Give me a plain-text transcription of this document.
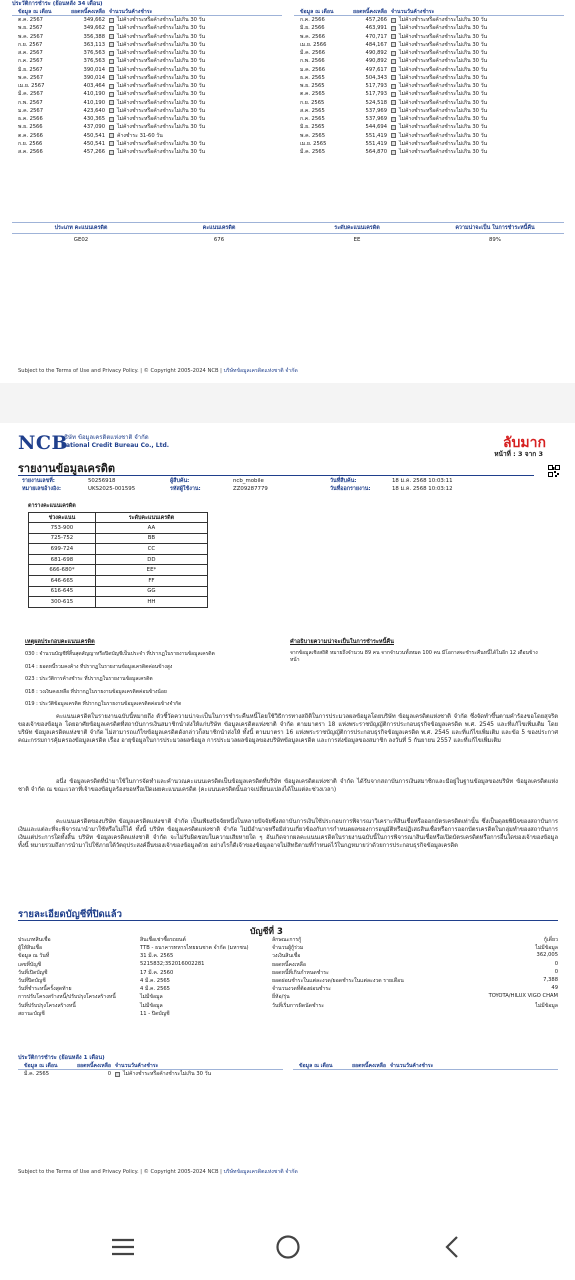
ประวัติการชำระ (ย้อนหลัง 34 เดือน)
ข้อมูล ณ เดือน	ยอดหนี้คงเหลือ จำนวนวันค้างชำระ
ต.ค. 2567	349,662	ไม่ค้างชำระหรือค้างชำระไม่เกิน 30 วัน
พ.ย. 2567	349,662	ไม่ค้างชำระหรือค้างชำระไม่เกิน 30 วัน
พ.ค. 2567	356,388	ไม่ค้างชำระหรือค้างชำระไม่เกิน 30 วัน
ก.ย. 2567	363,113	ไม่ค้างชำระหรือค้างชำระไม่เกิน 30 วัน
ส.ค. 2567	376,563	ไม่ค้างชำระหรือค้างชำระไม่เกิน 30 วัน
ก.ค. 2567	376,563	ไม่ค้างชำระหรือค้างชำระไม่เกิน 30 วัน
มิ.ย. 2567	390,014	ไม่ค้างชำระหรือค้างชำระไม่เกิน 30 วัน
พ.ค. 2567	390,014	ไม่ค้างชำระหรือค้างชำระไม่เกิน 30 วัน
เม.ย. 2567	403,464	ไม่ค้างชำระหรือค้างชำระไม่เกิน 30 วัน
มี.ค. 2567	410,190	ไม่ค้างชำระหรือค้างชำระไม่เกิน 30 วัน
ก.พ. 2567	410,190	ไม่ค้างชำระหรือค้างชำระไม่เกิน 30 วัน
ม.ค. 2567	423,640	ไม่ค้างชำระหรือค้างชำระไม่เกิน 30 วัน
ธ.ค. 2566	430,365	ไม่ค้างชำระหรือค้างชำระไม่เกิน 30 วัน
พ.ย. 2566	437,090	ไม่ค้างชำระหรือค้างชำระไม่เกิน 30 วัน
ต.ค. 2566	450,541	ค้างชำระ 31-60 วัน
ก.ย. 2566	450,541	ไม่ค้างชำระหรือค้างชำระไม่เกิน 30 วัน
ส.ค. 2566	457,266	ไม่ค้างชำระหรือค้างชำระไม่เกิน 30 วัน
ข้อมูล ณ เดือน	ยอดหนี้คงเหลือ จำนวนวันค้างชำระ
ก.ค. 2566	457,266	ไม่ค้างชำระหรือค้างชำระไม่เกิน 30 วัน
มิ.ย. 2566	463,991	ไม่ค้างชำระหรือค้างชำระไม่เกิน 30 วัน
พ.ค. 2566	470,717	ไม่ค้างชำระหรือค้างชำระไม่เกิน 30 วัน
เม.ย. 2566	484,167	ไม่ค้างชำระหรือค้างชำระไม่เกิน 30 วัน
มี.ค. 2566	490,892	ไม่ค้างชำระหรือค้างชำระไม่เกิน 30 วัน
ก.พ. 2566	490,892	ไม่ค้างชำระหรือค้างชำระไม่เกิน 30 วัน
ม.ค. 2566	497,617	ไม่ค้างชำระหรือค้างชำระไม่เกิน 30 วัน
ธ.ค. 2565	504,343	ไม่ค้างชำระหรือค้างชำระไม่เกิน 30 วัน
พ.ย. 2565	517,793	ไม่ค้างชำระหรือค้างชำระไม่เกิน 30 วัน
ต.ค. 2565	517,793	ไม่ค้างชำระหรือค้างชำระไม่เกิน 30 วัน
ก.ย. 2565	524,518	ไม่ค้างชำระหรือค้างชำระไม่เกิน 30 วัน
ส.ค. 2565	537,969	ไม่ค้างชำระหรือค้างชำระไม่เกิน 30 วัน
ก.ค. 2565	537,969	ไม่ค้างชำระหรือค้างชำระไม่เกิน 30 วัน
มิ.ย. 2565	544,694	ไม่ค้างชำระหรือค้างชำระไม่เกิน 30 วัน
พ.ค. 2565	551,419	ไม่ค้างชำระหรือค้างชำระไม่เกิน 30 วัน
เม.ย. 2565	551,419	ไม่ค้างชำระหรือค้างชำระไม่เกิน 30 วัน
มี.ค. 2565	564,870	ไม่ค้างชำระหรือค้างชำระไม่เกิน 30 วัน
ประเภท คะแนนเครดิต	คะแนนเครดิต	ระดับคะแนนเครดิต	ความน่าจะเป็น ในการชำระหนี้คืน
GE02	676	EE	89%
Subject to the Terms of Use and Privacy Policy. | © Copyright 2005-2024 NCB | บริษัทข้อมูลเครดิตแห่งชาติ จำกัด
NCB
บริษัท ข้อมูลเครดิตแห่งชาติ จำกัด
National Credit Bureau Co., Ltd.	ลับมาก
หน้าที่ : 3 จาก 3
รายงานข้อมูลเครดิต
รายงานเลขที่:	50256918	ผู้สืบค้น:	ncb_mobile	วันที่สืบค้น:	18 ม.ค. 2568 10:03:11
หมายเลขอ้างอิง:	UKS2025-001595	รหัสผู้ใช้งาน:	ZZ09287779	วันที่ออกรายงาน:	18 ม.ค. 2568 10:03:12
ตารางคะแนนเครดิต
ช่วงคะแนน	ระดับคะแนนเครดิต
753-900	AA
725-752	BB
699-724	CC
681-698	DD
666-680*	EE*
646-665	FF
616-645	GG
300-615	HH
เหตุผลประกอบคะแนนเครดิต
030 : จำนวนบัญชีที่สิ้นสุดสัญญาหรือปิดบัญชีเป็นประจำ ที่ปรากฏในรายงานข้อมูลเครดิต
014 : ยอดหนี้รวมคงค้าง ที่ปรากฏในรายงานข้อมูลเครดิตค่อนข้างสูง
023 : ประวัติการค้างชำระ ที่ปรากฏในรายงานข้อมูลเครดิต
018 : วงเงินคงเหลือ ที่ปรากฏในรายงานข้อมูลเครดิตค่อนข้างน้อย
019 : ประวัติข้อมูลเครดิต ที่ปรากฏในรายงานข้อมูลเครดิตค่อนข้างจำกัด
คำอธิบายความน่าจะเป็นในการชำระหนี้คืน
จากข้อมูลเชิงสถิติ หมายถึงจำนวน 89 คน จากจำนวนทั้งหมด 100 คน มีโอกาสจะชำระคืนหนี้ได้ในอีก 12 เดือนข้างหน้า
คะแนนเครดิตในรายงานฉบับนี้หมายถึง ตัวชี้วัดความน่าจะเป็นในการชำระคืนหนี้โดยใช้วิธีการทางสถิติในการประมวลผลข้อมูลโดยบริษัท ข้อมูลเครดิตแห่งชาติ จำกัด ซึ่งจัดทำขึ้นตามคำร้องขอโดยสุจริตของเจ้าของข้อมูล โดยอาศัยข้อมูลเครดิตที่สถาบันการเงินสมาชิกนำส่งให้แก่บริษัท ข้อมูลเครดิตแห่งชาติ จำกัด ตามมาตรา 18 แห่งพระราชบัญญัติการประกอบธุรกิจข้อมูลเครดิต พ.ศ. 2545 และที่แก้ไขเพิ่มเติม โดยบริษัท ข้อมูลเครดิตแห่งชาติ จำกัด ไม่สามารถแก้ไขข้อมูลเครดิตดังกล่าวก็สมาชิกนำส่งให้ ทั้งนี้ ตามมาตรา 16 แห่งพระราชบัญญัติการประกอบธุรกิจข้อมูลเครดิต พ.ศ. 2545 และที่แก้ไขเพิ่มเติม และข้อ 5 ของประกาศคณะกรรมการคุ้มครองข้อมูลเครดิต เรื่อง อายุข้อมูลในการประมวลผลข้อมูล การประมวลผลข้อมูลของบริษัทข้อมูลเครดิต และการส่งข้อมูลของสมาชิก ลงวันที่ 5 กันยายน 2557 และที่แก้ไขเพิ่มเติม
อนึ่ง ข้อมูลเครดิตที่นำมาใช้ในการจัดทำและคำนวณคะแนนเครดิตเป็นข้อมูลเครดิตที่บริษัท ข้อมูลเครดิตแห่งชาติ จำกัด ได้รับจากสถาบันการเงินสมาชิกและมีอยู่ในฐานข้อมูลของบริษัท ข้อมูลเครดิตแห่งชาติ จำกัด ณ ขณะเวลาที่เจ้าของข้อมูลร้องขอหรือเปิดเผยคะแนนเครดิต (คะแนนเครดิตนั้นอาจเปลี่ยนแปลงได้ในแต่ละช่วงเวลา)
คะแนนเครดิตของบริษัท ข้อมูลเครดิตแห่งชาติ จำกัด เป็นเพียงปัจจัยหนึ่งในหลายปัจจัยซึ่งสถาบันการเงินใช้ประกอบการพิจารณาวิเคราะห์สินเชื่อหรือออกบัตรเครดิตเท่านั้น ซึ่งเป็นดุลยพินิจของสถาบันการเงินและแต่ละที่จะพิจารณานำมาใช้หรือไม่ก็ได้ ทั้งนี้ บริษัท ข้อมูลเครดิตแห่งชาติ จำกัด ไม่มีอำนาจหรือมีส่วนเกี่ยวข้องกับการกำหนดผลของการอนุมัติหรือปฏิเสธสินเชื่อหรือการออกบัตรเครดิตในกลุ่มทำของสถาบันการเงินแต่ประการใดทั้งสิ้น บริษัท ข้อมูลเครดิตแห่งชาติ จำกัด จะไม่รับผิดชอบในความเสียหายใด ๆ อันเกิดจากผลคะแนนเครดิตในรายงานฉบับนี้ในการพิจารณาสินเชื่อหรือเปิดบัตรเครดิตหรือการอื่นใดของเจ้าของข้อมูล ทั้งนี้ หมายรวมถึงการนำมาไปใช้ภายใต้วัตถุประสงค์อื่นของเจ้าของข้อมูลด้วย อย่างไรก็ดีเจ้าของข้อมูลอาจไม่สิทธิตามที่กำหนดไว้ในกฎหมายว่าด้วยการประกอบธุรกิจข้อมูลเครดิต
รายละเอียดบัญชีที่ปิดแล้ว
บัญชีที่ 3
ประเภทสินเชื่อ	สินเชื่อเช่าซื้อรถยนต์	ลักษณะการกู้	กู้เดี่ยว
ผู้ให้สินเชื่อ	TTB - ธนาคารทหารไทยธนชาต จำกัด (มหาชน)	จำนวนผู้กู้ร่วม	ไม่มีข้อมูล
ข้อมูล ณ วันที่	31 มี.ค. 2565	วงเงินสินเชื่อ	362,005
เลขที่บัญชี	5215832;352016002281	ยอดหนี้คงเหลือ	0
วันที่เปิดบัญชี	17 มี.ค. 2560	ยอดหนี้ที่เกินกำหนดชำระ	0
วันที่ปิดบัญชี	4 มี.ค. 2565	ยอดผ่อนชำระในแต่ละงวด/ยอดชำระในแต่ละงวด รายเดือน	7,388
วันที่ชำระหนี้ครั้งสุดท้าย	4 มี.ค. 2565	จำนวนงวดที่ต้องผ่อนชำระ	49
การปรับโครงสร้างหนี้/ปรับปรุงโครงสร้างหนี้	ไม่มีข้อมูล	ยี่ห้อ/รุ่น	TOYOTA/HILUX VIGO CHAM
วันที่ปรับปรุงโครงสร้างหนี้	ไม่มีข้อมูล	วันที่เริ่มการผิดนัดชำระ	ไม่มีข้อมูล
สถานะบัญชี	11 - ปิดบัญชี
ประวัติการชำระ (ย้อนหลัง 1 เดือน)
ข้อมูล ณ เดือน	ยอดหนี้คงเหลือ จำนวนวันค้างชำระ
มี.ค. 2565	0	ไม่ค้างชำระหรือค้างชำระไม่เกิน 30 วัน
ข้อมูล ณ เดือน	ยอดหนี้คงเหลือ จำนวนวันค้างชำระ
Subject to the Terms of Use and Privacy Policy. | © Copyright 2005-2024 NCB | บริษัทข้อมูลเครดิตแห่งชาติ จำกัด
